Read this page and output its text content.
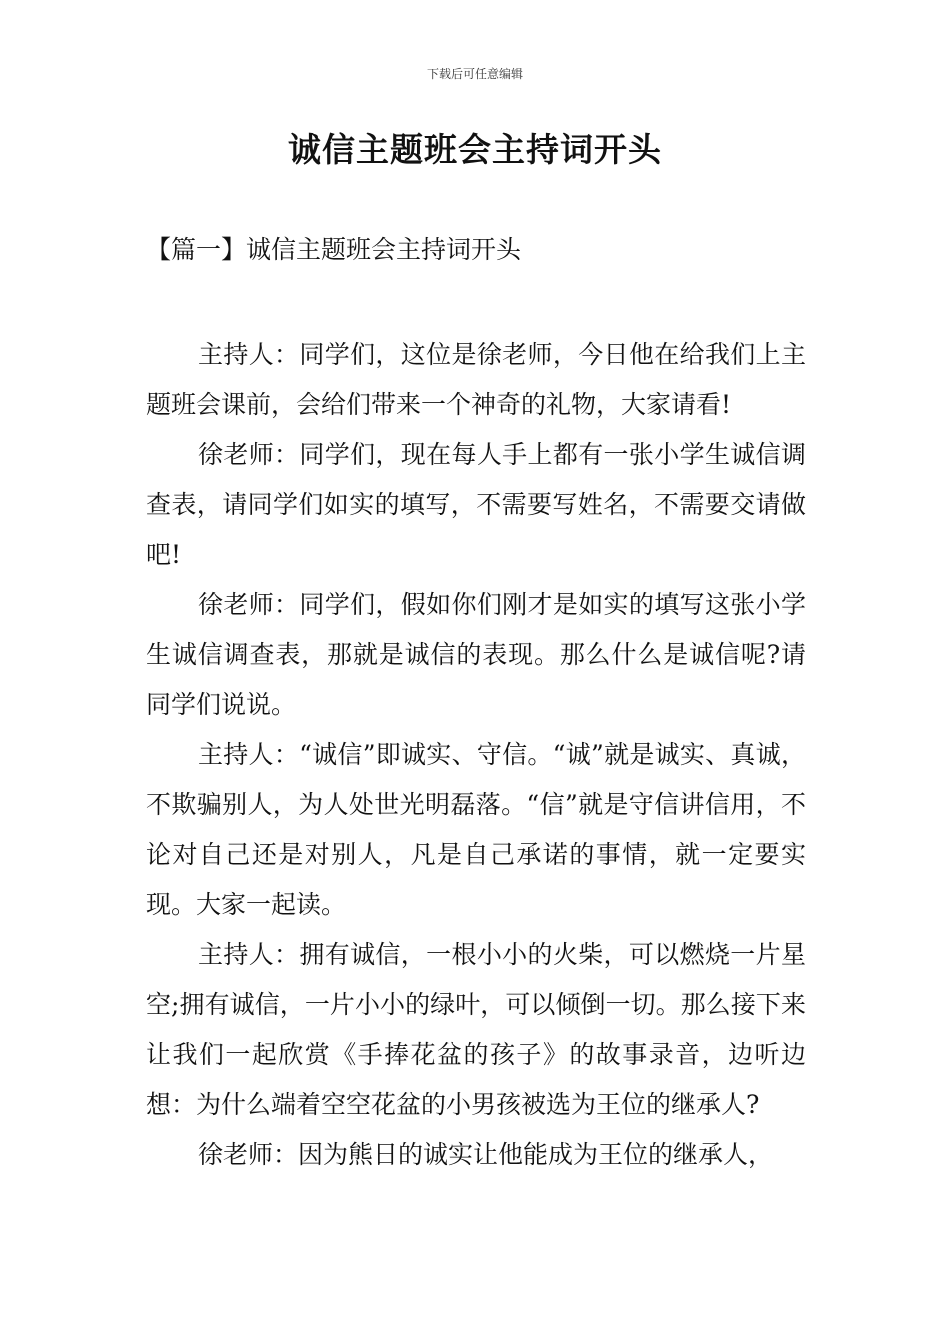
下载后可任意编辑
诚信主题班会主持词开头
【篇一】诚信主题班会主持词开头

主持人：同学们，这位是徐老师，今日他在给我们上主题班会课前，会给们带来一个神奇的礼物，大家请看!

徐老师：同学们，现在每人手上都有一张小学生诚信调查表，请同学们如实的填写，不需要写姓名，不需要交请做吧!

徐老师：同学们，假如你们刚才是如实的填写这张小学生诚信调查表，那就是诚信的表现。那么什么是诚信呢?请同学们说说。

主持人：“诚信”即诚实、守信。“诚”就是诚实、真诚，不欺骗别人，为人处世光明磊落。“信”就是守信讲信用，不论对自己还是对别人，凡是自己承诺的事情，就一定要实现。大家一起读。

主持人：拥有诚信，一根小小的火柴，可以燃烧一片星空;拥有诚信，一片小小的绿叶，可以倾倒一切。那么接下来让我们一起欣赏《手捧花盆的孩子》的故事录音，边听边想：为什么端着空空花盆的小男孩被选为王位的继承人?

徐老师：因为熊日的诚实让他能成为王位的继承人，
